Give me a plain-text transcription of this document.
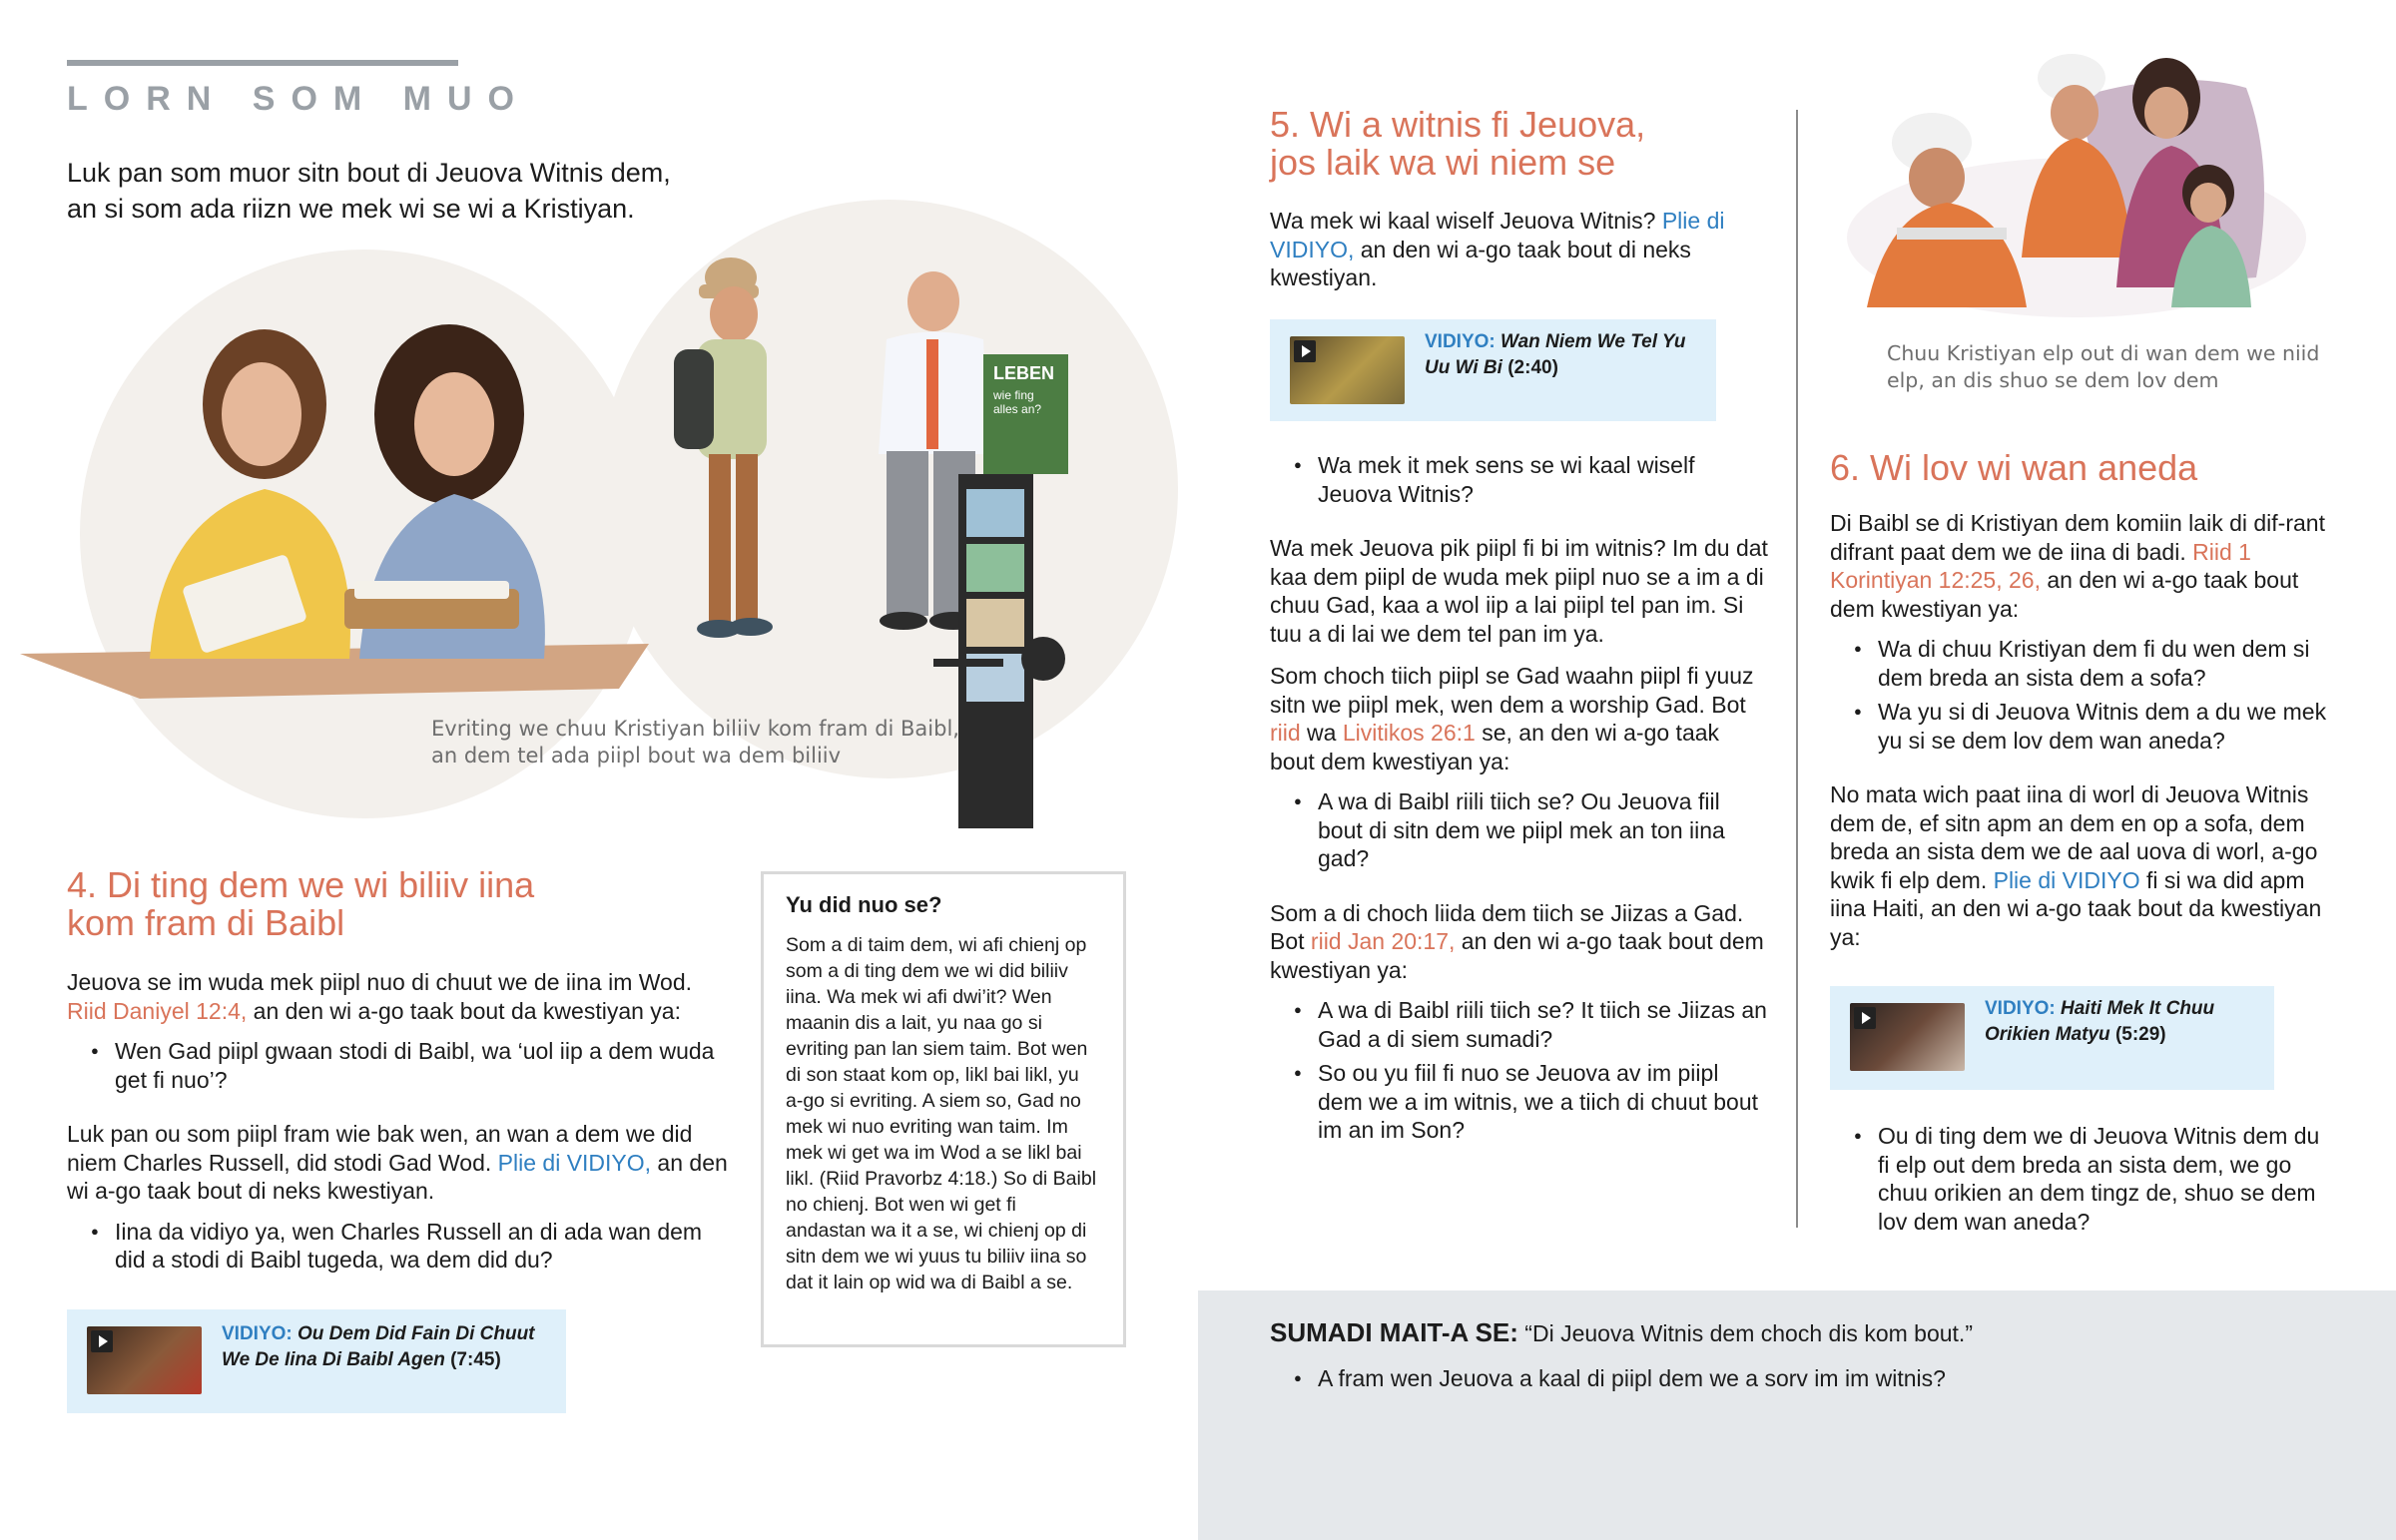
LORN SOM MUO
Luk pan som muor sitn bout di Jeuova Witnis dem,
an si som ada riizn we mek wi se wi a Kristiyan.
LEBEN
wie fing
alles an?
Evriting we chuu Kristiyan biliiv kom fram di Baibl,
an dem tel ada piipl bout wa dem biliiv
4. Di ting dem we wi biliiv iina
kom fram di Baibl

Jeuova se im wuda mek piipl nuo di chuut we de iina im Wod. Riid Daniyel 12:4, an den wi a-go taak bout da kwestiyan ya:

● Wen Gad piipl gwaan stodi di Baibl, wa ‘uol iip a dem wuda get fi nuo’?

Luk pan ou som piipl fram wie bak wen, an wan a dem we did niem Charles Russell, did stodi Gad Wod. Plie di VIDIYO, an den wi a-go taak bout di neks kwestiyan.

● Iina da vidiyo ya, wen Charles Russell an di ada wan dem did a stodi di Baibl tugeda, wa dem did du?
VIDIYO: Ou Dem Did Fain Di Chuut
We De Iina Di Baibl Agen (7:45)
Yu did nuo se?
Som a di taim dem, wi afi chienj op som a di ting dem we wi did biliiv iina. Wa mek wi afi dwi’it? Wen maanin dis a lait, yu naa go si evriting pan lan siem taim. Bot wen di son staat kom op, likl bai likl, yu a-go si evriting. A siem so, Gad no mek wi nuo evriting wan taim. Im mek wi get wa im Wod a se likl bai likl. (Riid Pravorbz 4:18.) So di Baibl no chienj. Bot wen wi get fi andastan wa it a se, wi chienj op di sitn dem we wi yuus tu biliiv iina so dat it lain op wid wa di Baibl a se.
5. Wi a witnis fi Jeuova,
jos laik wa wi niem se
Wa mek wi kaal wiself Jeuova Witnis? Plie di VIDIYO, an den wi a-go taak bout di neks kwestiyan.
VIDIYO: Wan Niem We Tel Yu
Uu Wi Bi (2:40)
● Wa mek it mek sens se wi kaal wiself Jeuova Witnis?

Wa mek Jeuova pik piipl fi bi im witnis? Im du dat kaa dem piipl de wuda mek piipl nuo se a im a di chuu Gad, kaa a wol iip a lai piipl tel pan im. Si tuu a di lai we dem tel pan im ya.

Som choch tiich piipl se Gad waahn piipl fi yuuz sitn we piipl mek, wen dem a worship Gad. Bot riid wa Livitikos 26:1 se, an den wi a-go taak bout dem kwestiyan ya:

● A wa di Baibl riili tiich se? Ou Jeuova fiil bout di sitn dem we piipl mek an ton iina gad?

Som a di choch liida dem tiich se Jiizas a Gad. Bot riid Jan 20:17, an den wi a-go taak bout dem kwestiyan ya:

● A wa di Baibl riili tiich se? It tiich se Jiizas an Gad a di siem sumadi?
● So ou yu fiil fi nuo se Jeuova av im piipl dem we a im witnis, we a tiich di chuut bout im an im Son?
Chuu Kristiyan elp out di wan dem we niid
elp, an dis shuo se dem lov dem
6. Wi lov wi wan aneda

Di Baibl se di Kristiyan dem komiin laik di dif-rant difrant paat dem we de iina di badi. Riid 1 Korintiyan 12:25, 26, an den wi a-go taak bout dem kwestiyan ya:

● Wa di chuu Kristiyan dem fi du wen dem si dem breda an sista dem a sofa?
● Wa yu si di Jeuova Witnis dem a du we mek yu si se dem lov dem wan aneda?

No mata wich paat iina di worl di Jeuova Witnis dem de, ef sitn apm an dem en op a sofa, dem breda an sista dem we de aal uova di worl, a-go kwik fi elp dem. Plie di VIDIYO fi si wa did apm iina Haiti, an den wi a-go taak bout da kwestiyan ya:

VIDIYO: Haiti Mek It Chuu
Orikien Matyu (5:29)
● Ou di ting dem we di Jeuova Witnis dem du fi elp out dem breda an sista dem, we go chuu orikien an dem tingz de, shuo se dem lov dem wan aneda?
SUMADI MAIT-A SE: “Di Jeuova Witnis dem choch dis kom bout.”
● A fram wen Jeuova a kaal di piipl dem we a sorv im im witnis?
